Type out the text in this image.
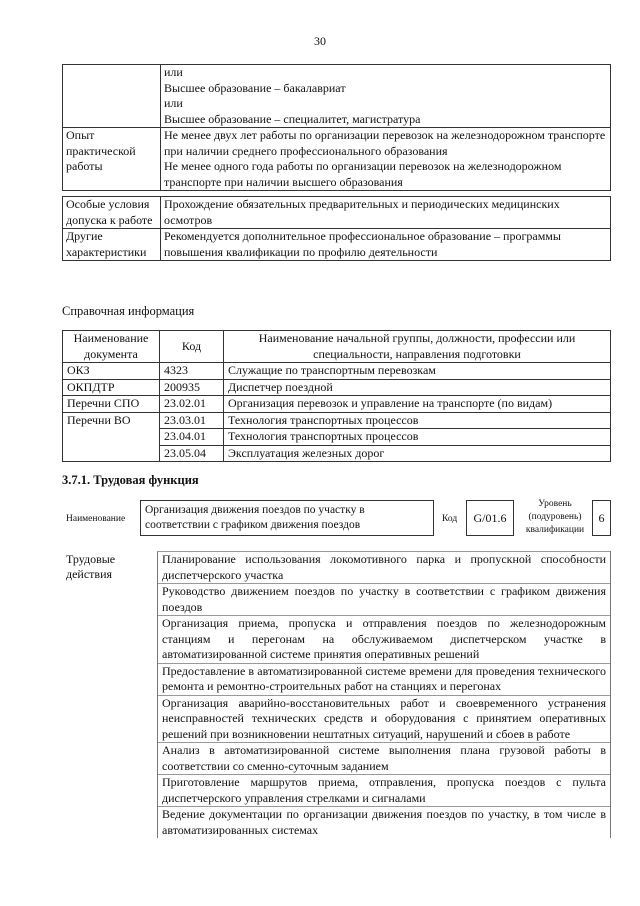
30

	или
Высшее образование – бакалавриат
или
Высшее образование – специалитет, магистратура

Опыт практической работы	Не менее двух лет работы по организации перевозок на железнодорожном транспорте при наличии среднего профессионального образования
Не менее одного года работы по организации перевозок на железнодорожном транспорте при наличии высшего образования
Особые условия допуска к работе	Прохождение обязательных предварительных и периодических медицинских осмотров
Другие характеристики	Рекомендуется дополнительное профессиональное образование – программы повышения квалификации по профилю деятельности
Справочная информация
Наименование документа	Код	Наименование начальной группы, должности, профессии или специальности, направления подготовки
ОКЗ	4323	Служащие по транспортным перевозкам
ОКПДТР	200935	Диспетчер поездной
Перечни СПО	23.02.01	Организация перевозок и управление на транспорте (по видам)
Перечни ВО	23.03.01	Технология транспортных процессов
	23.04.01	Технология транспортных процессов
	23.05.04	Эксплуатация железных дорог
3.7.1. Трудовая функция
Наименование
Организация движения поездов по участку в соответствии с графиком движения поездов	Код	G/01.6
Уровень (подуровень) квалификации
6
Трудовые действия	Планирование использования локомотивного парка и пропускной способности диспетчерского участка
Руководство движением поездов по участку в соответствии с графиком движения поездов
Организация приема, пропуска и отправления поездов по железнодорожным станциям и перегонам на обслуживаемом диспетчерском участке в автоматизированной системе принятия оперативных решений
Предоставление в автоматизированной системе времени для проведения технического ремонта и ремонтно-строительных работ на станциях и перегонах
Организация аварийно-восстановительных работ и своевременного устранения неисправностей технических средств и оборудования с принятием оперативных решений при возникновении нештатных ситуаций, нарушений и сбоев в работе
Анализ в автоматизированной системе выполнения плана грузовой работы в соответствии со сменно-суточным заданием
Приготовление маршрутов приема, отправления, пропуска поездов с пульта диспетчерского управления стрелками и сигналами
Ведение документации по организации движения поездов по участку, в том числе в автоматизированных системах
